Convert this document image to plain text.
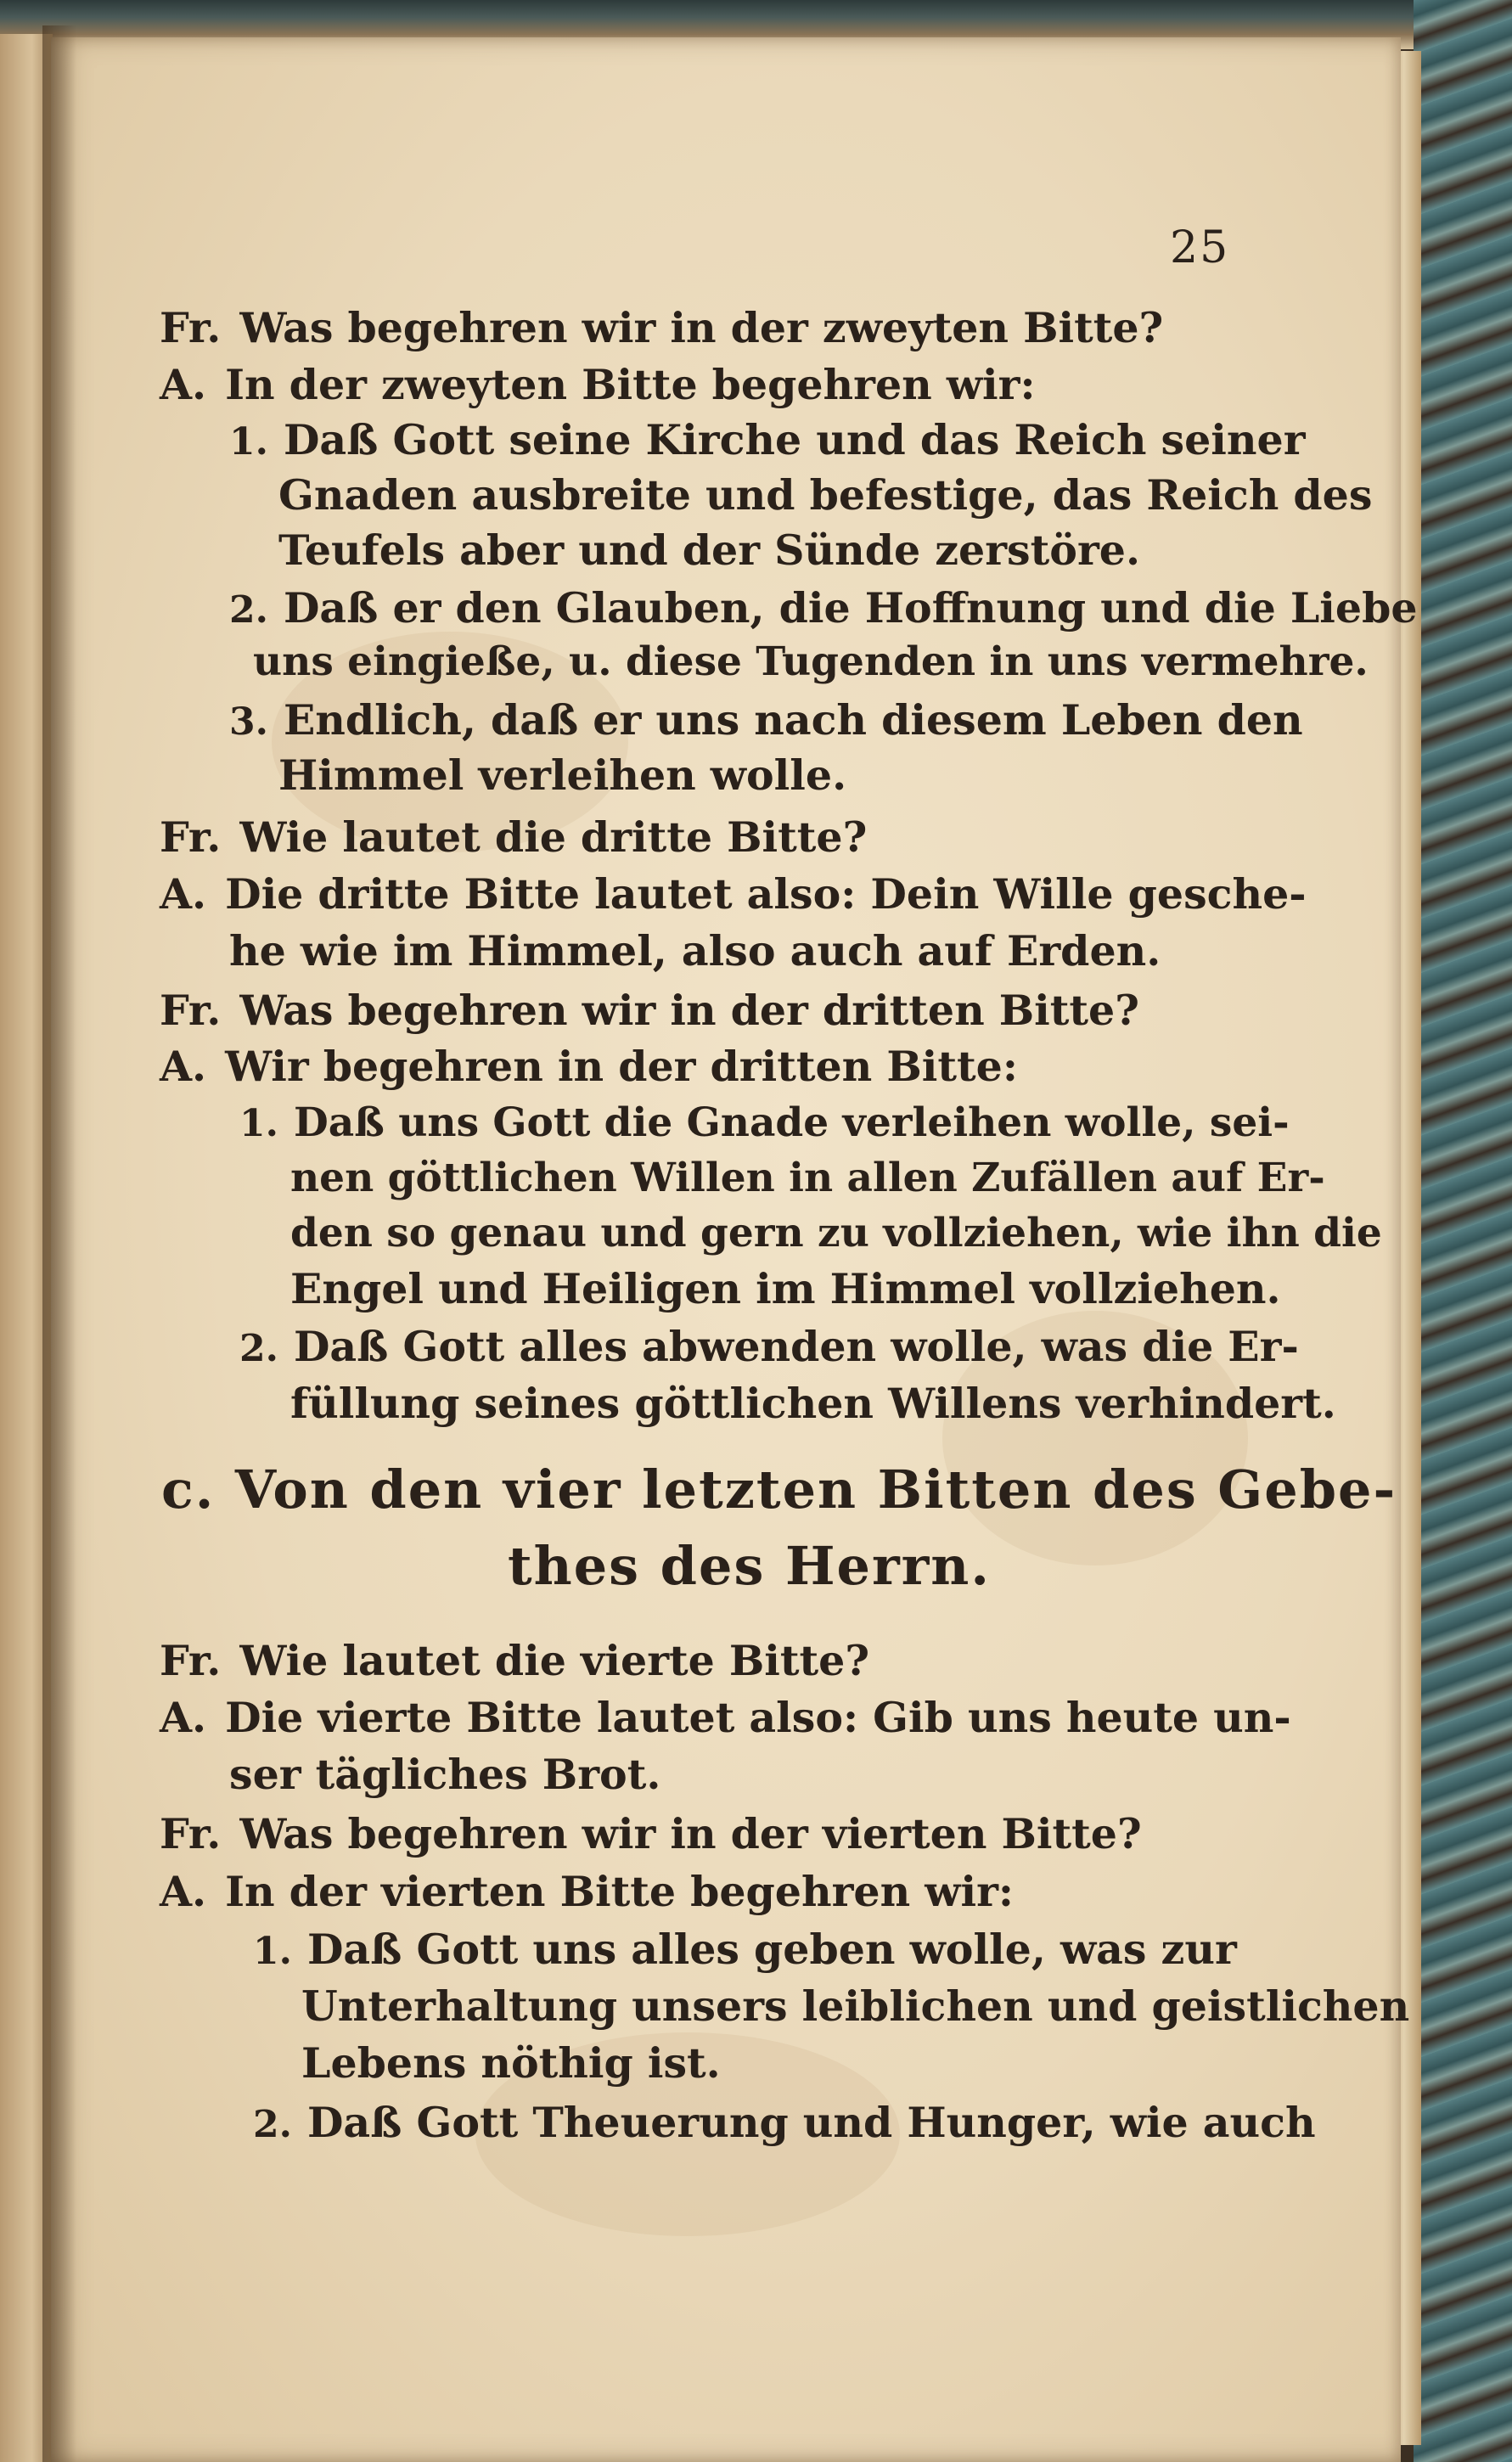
25
Fr. Was begehren wir in der zweyten Bitte?
A. In der zweyten Bitte begehren wir:
1. Daß Gott seine Kirche und das Reich seiner
Gnaden ausbreite und befestige, das Reich des
Teufels aber und der Sünde zerstöre.
2. Daß er den Glauben, die Hoffnung und die Liebe
uns eingieße, u. diese Tugenden in uns vermehre.
3. Endlich, daß er uns nach diesem Leben den
Himmel verleihen wolle.
Fr. Wie lautet die dritte Bitte?
A. Die dritte Bitte lautet also: Dein Wille gesche-
he wie im Himmel, also auch auf Erden.
Fr. Was begehren wir in der dritten Bitte?
A. Wir begehren in der dritten Bitte:
1. Daß uns Gott die Gnade verleihen wolle, sei-
nen göttlichen Willen in allen Zufällen auf Er-
den so genau und gern zu vollziehen, wie ihn die
Engel und Heiligen im Himmel vollziehen.
2. Daß Gott alles abwenden wolle, was die Er-
füllung seines göttlichen Willens verhindert.
c. Von den vier letzten Bitten des Gebe-
thes des Herrn.
Fr. Wie lautet die vierte Bitte?
A. Die vierte Bitte lautet also: Gib uns heute un-
ser tägliches Brot.
Fr. Was begehren wir in der vierten Bitte?
A. In der vierten Bitte begehren wir:
1. Daß Gott uns alles geben wolle, was zur
Unterhaltung unsers leiblichen und geistlichen
Lebens nöthig ist.
2. Daß Gott Theuerung und Hunger, wie auch
